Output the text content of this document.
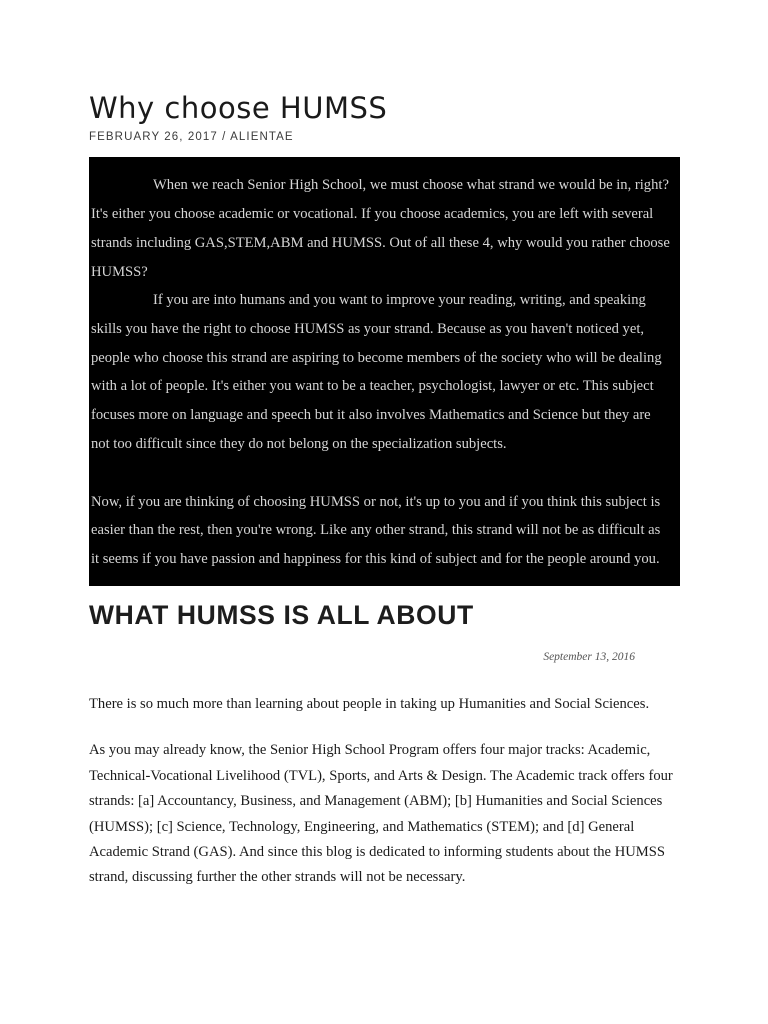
Why choose HUMSS
FEBRUARY 26, 2017 / ALIENTAE

When we reach Senior High School, we must choose what strand we would be in, right? It's either you choose academic or vocational. If you choose academics, you are left with several strands including GAS,STEM,ABM and HUMSS. Out of all these 4, why would you rather choose HUMSS?

If you are into humans and you want to improve your reading, writing, and speaking skills you have the right to choose HUMSS as your strand. Because as you haven't noticed yet, people who choose this strand are aspiring to become members of the society who will be dealing with a lot of people. It's either you want to be a teacher, psychologist, lawyer or etc. This subject focuses more on language and speech but it also involves Mathematics and Science but they are not too difficult since they do not belong on the specialization subjects.

Now, if you are thinking of choosing HUMSS or not, it's up to you and if you think this subject is easier than the rest, then you're wrong. Like any other strand, this strand will not be as difficult as it seems if you have passion and happiness for this kind of subject and for the people around you.

WHAT HUMSS IS ALL ABOUT
September 13, 2016

There is so much more than learning about people in taking up Humanities and Social Sciences.

As you may already know, the Senior High School Program offers four major tracks: Academic, Technical-Vocational Livelihood (TVL), Sports, and Arts & Design. The Academic track offers four strands: [a] Accountancy, Business, and Management (ABM); [b] Humanities and Social Sciences (HUMSS); [c] Science, Technology, Engineering, and Mathematics (STEM); and [d] General Academic Strand (GAS). And since this blog is dedicated to informing students about the HUMSS strand, discussing further the other strands will not be necessary.
